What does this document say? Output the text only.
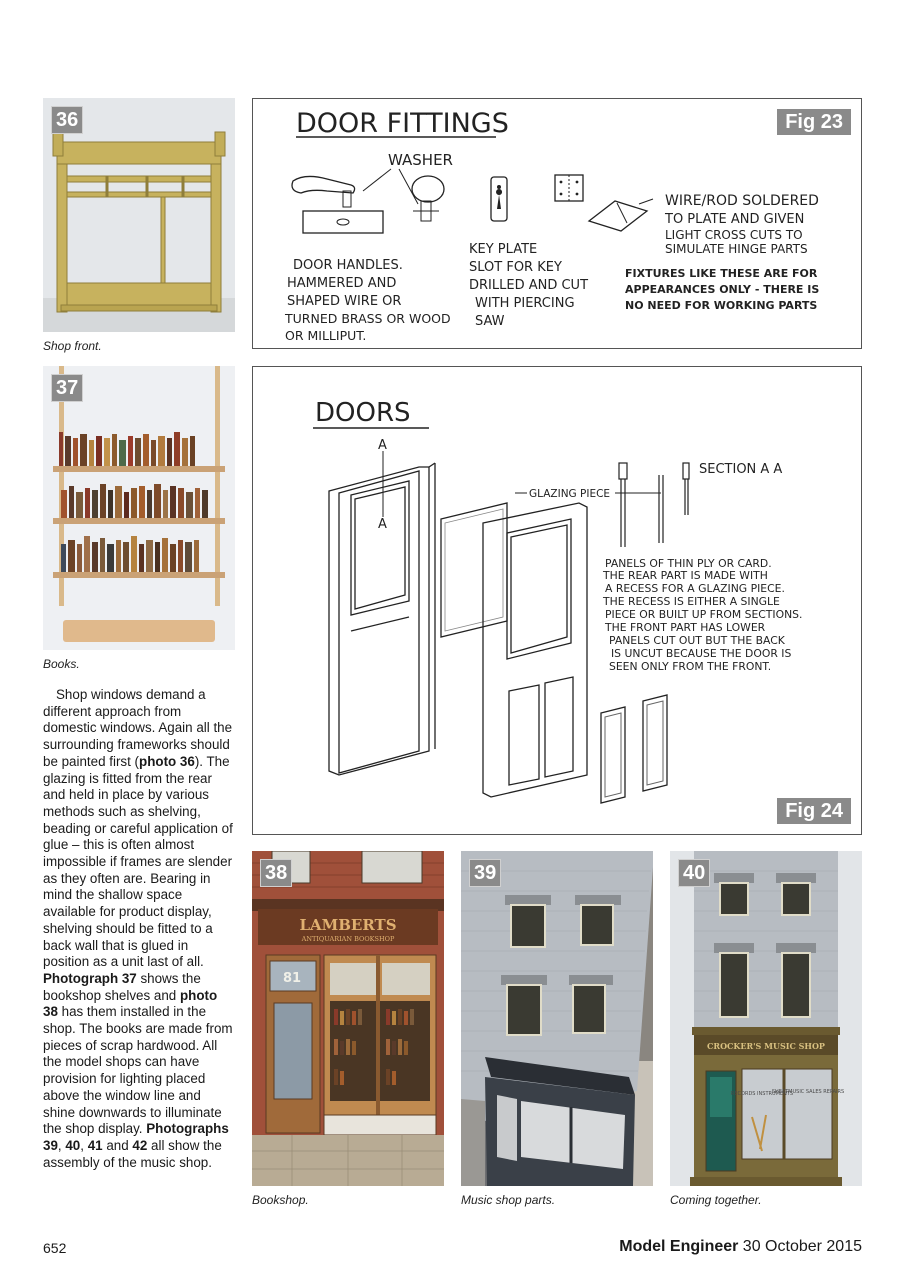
36
Shop front.
37
Books.

Shop windows demand a different approach from domestic windows. Again all the surrounding frameworks should be painted first (photo 36). The glazing is fitted from the rear and held in place by various methods such as shelving, beading or careful application of glue – this is often almost impossible if frames are slender as they often are. Bearing in mind the shallow space available for product display, shelving should be fitted to a back wall that is glued in position as a unit last of all. Photograph 37 shows the bookshop shelves and photo 38 has them installed in the shop. The books are made from pieces of scrap hardwood. All the model shops can have provision for lighting placed above the window line and shine downwards to illuminate the shop display. Photographs 39, 40, 41 and 42 all show the assembly of the music shop.

DOOR FITTINGS
WASHER
DOOR HANDLES.
HAMMERED AND
SHAPED WIRE OR
TURNED BRASS OR WOOD
OR MILLIPUT.
KEY PLATE
SLOT FOR KEY
DRILLED AND CUT
WITH PIERCING
SAW
WIRE/ROD SOLDERED
TO PLATE AND GIVEN
LIGHT CROSS CUTS TO
SIMULATE HINGE PARTS
FIXTURES LIKE THESE ARE FOR
APPEARANCES ONLY - THERE IS
NO NEED FOR WORKING PARTS
Fig 23
DOORS
A
A
GLAZING PIECE
SECTION A A
PANELS OF THIN PLY OR CARD.
THE REAR PART IS MADE WITH
A RECESS FOR A GLAZING PIECE.
THE RECESS IS EITHER A SINGLE
PIECE OR BUILT UP FROM SECTIONS.
THE FRONT PART HAS LOWER
PANELS CUT OUT BUT THE BACK
IS UNCUT BECAUSE THE DOOR IS
SEEN ONLY FROM THE FRONT.
Fig 24
LAMBERTS
ANTIQUARIAN BOOKSHOP
81
38
Bookshop.
39
Music shop parts.
CROCKER'S MUSIC SHOP
RECORDS INSTRUMENTS
SHEETMUSIC SALES REPAIRS
40
Coming together.
652	Model Engineer 30 October 2015
